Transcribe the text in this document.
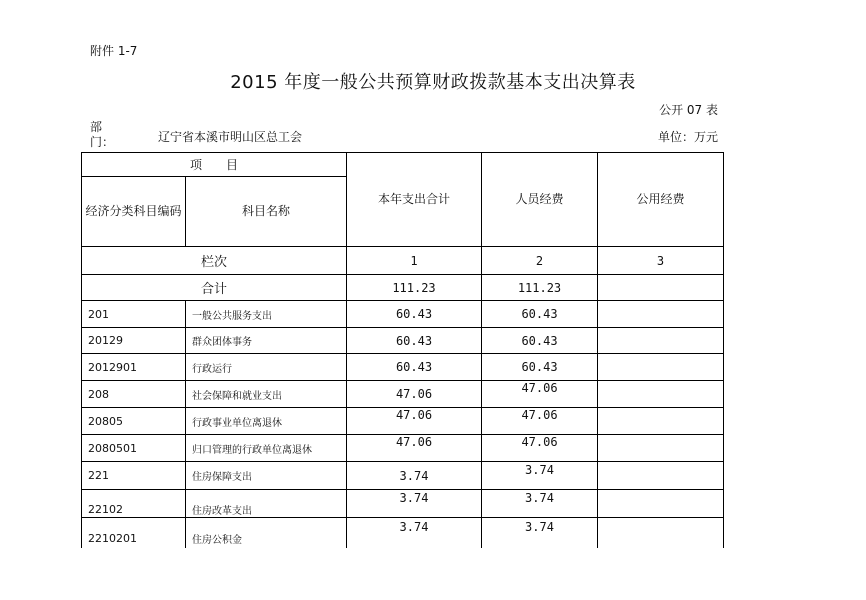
附件 1-7
2015 年度一般公共预算财政拨款基本支出决算表
公开 07 表
部门：	辽宁省本溪市明山区总工会	单位：万元
项　　目		本年支出合计	人员经费	公用经费
经济分类科目编码	科目名称			
栏次		1	2	3
合计		111.23	111.23	
201	一般公共服务支出	60.43	60.43	
20129	群众团体事务	60.43	60.43	
2012901	行政运行	60.43	60.43	
208	社会保障和就业支出	47.06	47.06	
20805	行政事业单位离退休	47.06	47.06	
2080501	归口管理的行政单位离退休	47.06	47.06	
221	住房保障支出	3.74	3.74	
22102	住房改革支出	3.74	3.74	
2210201	住房公积金	3.74	3.74	
